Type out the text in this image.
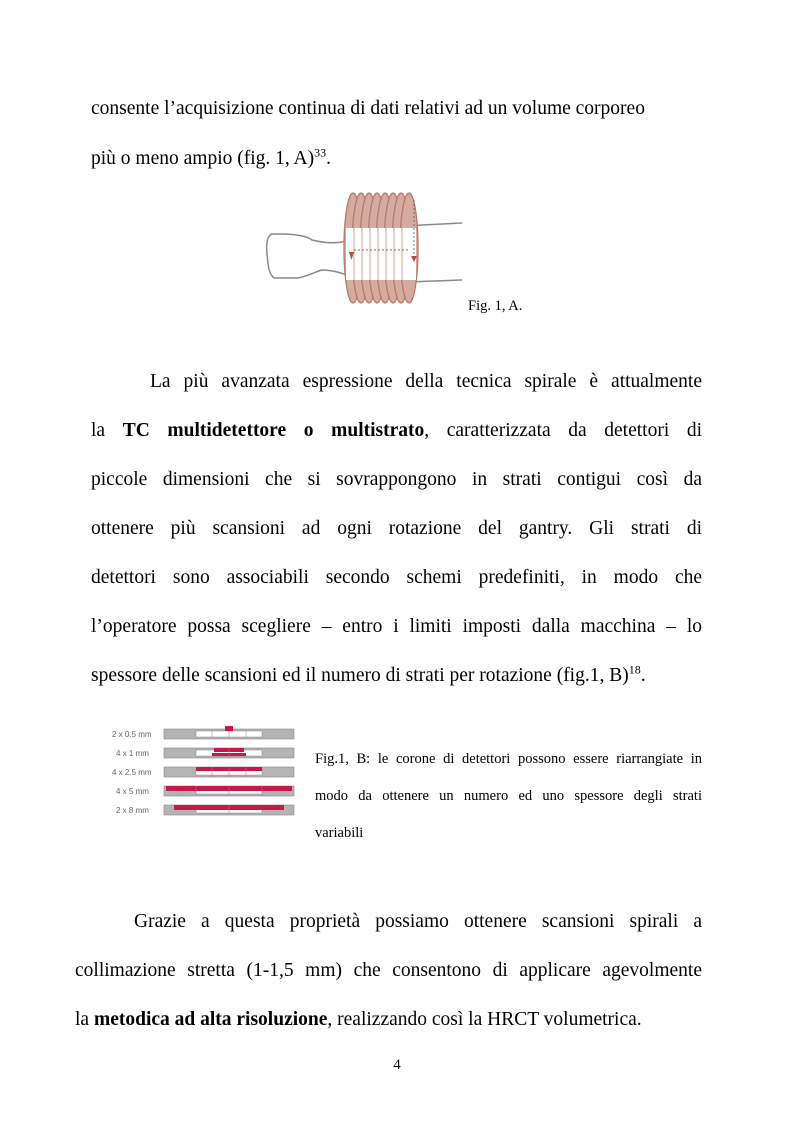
consente l’acquisizione continua di dati relativi ad un volume corporeo
più o meno ampio (fig. 1, A)$^{33}$.
Fig. 1, A.
La più avanzata espressione della tecnica spirale è attualmente
la TC multidetettore o multistrato, caratterizzata da detettori di
piccole dimensioni che si sovrappongono in strati contigui così da
ottenere più scansioni ad ogni rotazione del gantry. Gli strati di
detettori sono associabili secondo schemi predefiniti, in modo che
l’operatore possa scegliere – entro i limiti imposti dalla macchina – lo
spessore delle scansioni ed il numero di strati per rotazione (fig.1, B)$^{18}$.
2 x 0.5 mm
4 x 1 mm
4 x 2.5 mm
4 x 5 mm
2 x 8 mm
Fig.1, B: le corone di detettori possono essere riarrangiate in
modo da ottenere un numero ed uno spessore degli strati
variabili
Grazie a questa proprietà possiamo ottenere scansioni spirali a
collimazione stretta (1-1,5 mm) che consentono di applicare agevolmente
la metodica ad alta risoluzione, realizzando così la HRCT volumetrica.
4
